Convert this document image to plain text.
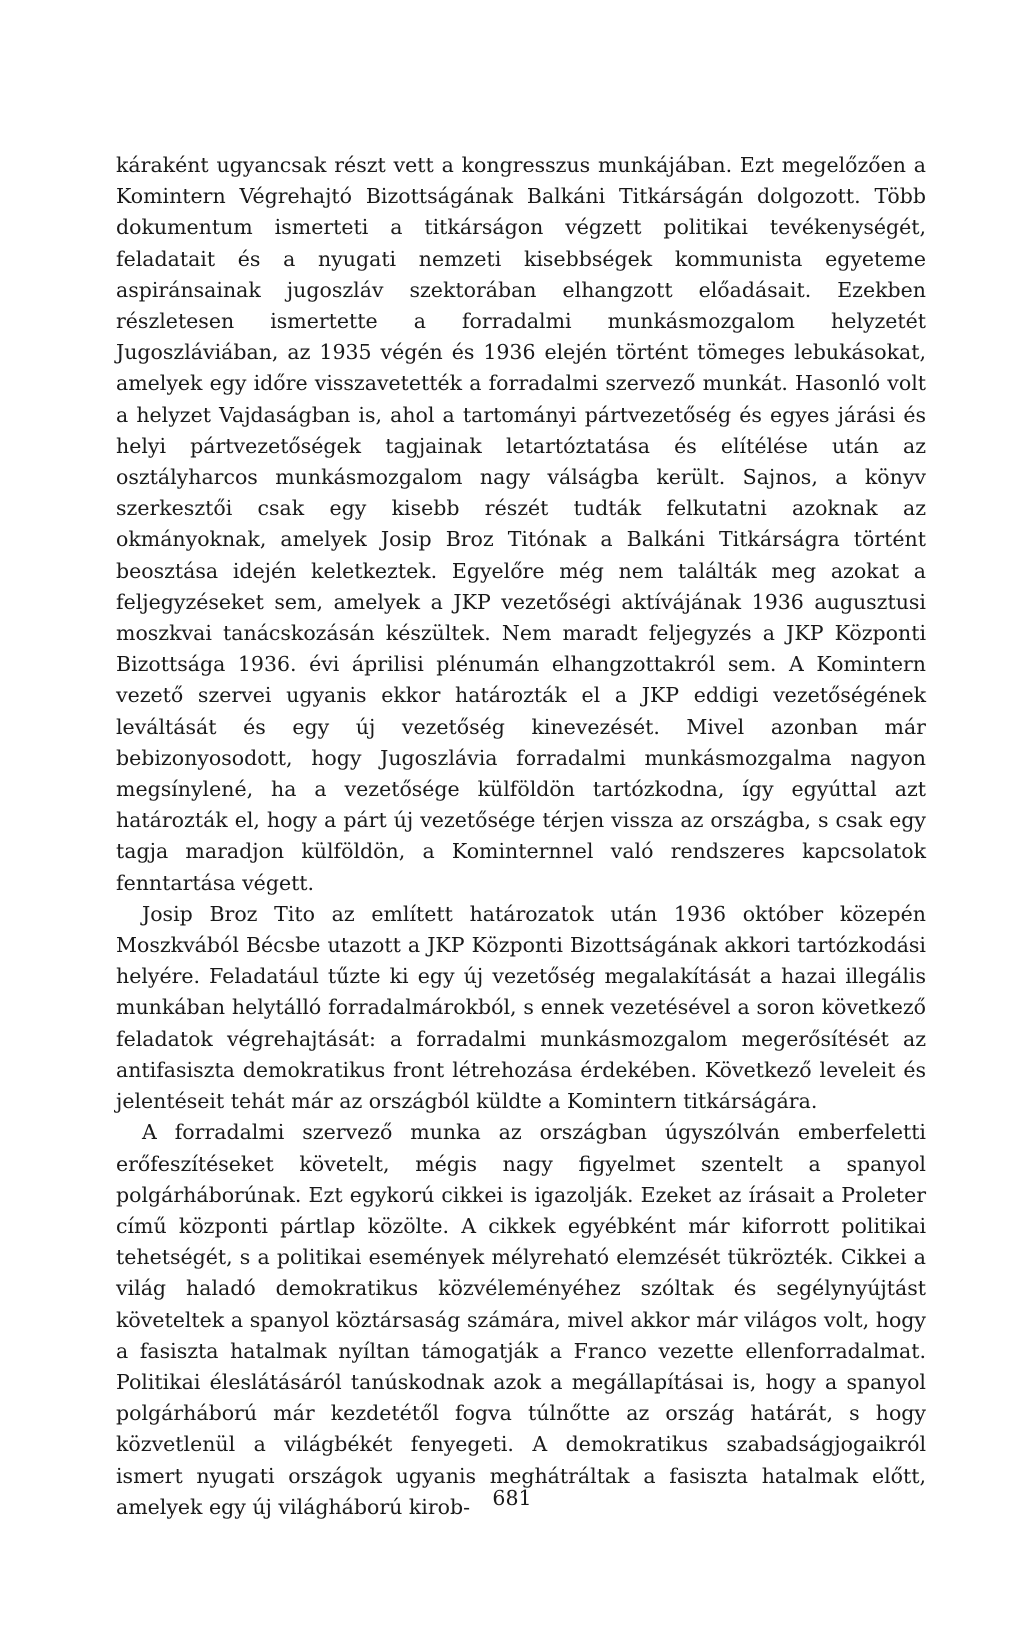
káraként ugyancsak részt vett a kongresszus munkájában. Ezt megelőzően a Komintern Végrehajtó Bizottságának Balkáni Titkárságán dolgozott. Több dokumentum ismerteti a titkárságon végzett politikai tevékenységét, feladatait és a nyugati nemzeti kisebbségek kommunista egyeteme aspiránsainak jugoszláv szektorában elhangzott előadásait. Ezekben részletesen ismertette a forradalmi munkásmozgalom helyzetét Jugoszláviában, az 1935 végén és 1936 elején történt tömeges lebukásokat, amelyek egy időre visszavetették a forradalmi szervező munkát. Hasonló volt a helyzet Vajdaságban is, ahol a tartományi pártvezetőség és egyes járási és helyi pártvezetőségek tagjainak letartóztatása és elítélése után az osztályharcos munkásmozgalom nagy válságba került. Sajnos, a könyv szerkesztői csak egy kisebb részét tudták felkutatni azoknak az okmányoknak, amelyek Josip Broz Titónak a Balkáni Titkárságra történt beosztása idején keletkeztek. Egyelőre még nem találták meg azokat a feljegyzéseket sem, amelyek a JKP vezetőségi aktívájának 1936 augusztusi moszkvai tanácskozásán készültek. Nem maradt feljegyzés a JKP Központi Bizottsága 1936. évi áprilisi plénumán elhangzottakról sem. A Komintern vezető szervei ugyanis ekkor határozták el a JKP eddigi vezetőségének leváltását és egy új vezetőség kinevezését. Mivel azonban már bebizonyosodott, hogy Jugoszlávia forradalmi munkásmozgalma nagyon megsínylené, ha a vezetősége külföldön tartózkodna, így egyúttal azt határozták el, hogy a párt új vezetősége térjen vissza az országba, s csak egy tagja maradjon külföldön, a Kominternnel való rendszeres kapcsolatok fenntartása végett.

Josip Broz Tito az említett határozatok után 1936 október közepén Moszkvából Bécsbe utazott a JKP Központi Bizottságának akkori tartózkodási helyére. Feladatául tűzte ki egy új vezetőség megalakítását a hazai illegális munkában helytálló forradalmárokból, s ennek vezetésével a soron következő feladatok végrehajtását: a forradalmi munkásmozgalom megerősítését az antifasiszta demokratikus front létrehozása érdekében. Következő leveleit és jelentéseit tehát már az országból küldte a Komintern titkárságára.

A forradalmi szervező munka az országban úgyszólván emberfeletti erőfeszítéseket követelt, mégis nagy figyelmet szentelt a spanyol polgárháborúnak. Ezt egykorú cikkei is igazolják. Ezeket az írásait a Proleter című központi pártlap közölte. A cikkek egyébként már kiforrott politikai tehetségét, s a politikai események mélyreható elemzését tükrözték. Cikkei a világ haladó demokratikus közvéleményéhez szóltak és segélynyújtást követeltek a spanyol köztársaság számára, mivel akkor már világos volt, hogy a fasiszta hatalmak nyíltan támogatják a Franco vezette ellenforradalmat. Politikai éleslátásáról tanúskodnak azok a megállapításai is, hogy a spanyol polgárháború már kezdetétől fogva túlnőtte az ország határát, s hogy közvetlenül a világbékét fenyegeti. A demokratikus szabadságjogaikról ismert nyugati országok ugyanis meghátráltak a fasiszta hatalmak előtt, amelyek egy új világháború kirob-	681
